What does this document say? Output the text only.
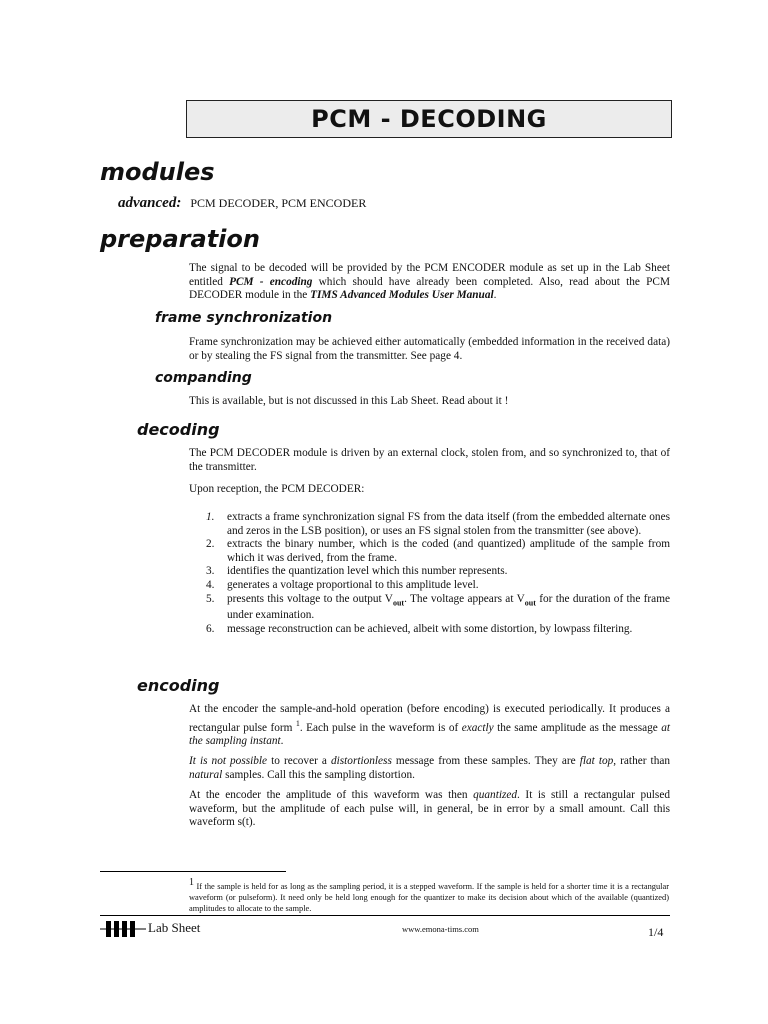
PCM - DECODING
modules
advanced: PCM DECODER, PCM ENCODER
preparation
The signal to be decoded will be provided by the PCM ENCODER module as set up in the Lab Sheet entitled PCM - encoding which should have already been completed. Also, read about the PCM DECODER module in the TIMS Advanced Modules User Manual.
frame synchronization
Frame synchronization may be achieved either automatically (embedded information in the received data) or by stealing the FS signal from the transmitter. See page 4.
companding
This is available, but is not discussed in this Lab Sheet. Read about it !
decoding
The PCM DECODER module is driven by an external clock, stolen from, and so synchronized to, that of the transmitter.
Upon reception, the PCM DECODER:
1. extracts a frame synchronization signal FS from the data itself (from the embedded alternate ones and zeros in the LSB position), or uses an FS signal stolen from the transmitter (see above).
2. extracts the binary number, which is the coded (and quantized) amplitude of the sample from which it was derived, from the frame.
3. identifies the quantization level which this number represents.
4. generates a voltage proportional to this amplitude level.
5. presents this voltage to the output $V_{out}$. The voltage appears at $V_{out}$ for the duration of the frame under examination.
6. message reconstruction can be achieved, albeit with some distortion, by lowpass filtering.
encoding
At the encoder the sample-and-hold operation (before encoding) is executed periodically. It produces a rectangular pulse form $^1$. Each pulse in the waveform is of exactly the same amplitude as the message at the sampling instant.
It is not possible to recover a distortionless message from these samples. They are flat top, rather than natural samples. Call this the sampling distortion.
At the encoder the amplitude of this waveform was then quantized. It is still a rectangular pulsed waveform, but the amplitude of each pulse will, in general, be in error by a small amount. Call this waveform s(t).
$^1$ If the sample is held for as long as the sampling period, it is a stepped waveform. If the sample is held for a shorter time it is a rectangular waveform (or pulseform). It need only be held long enough for the quantizer to make its decision about which of the available (quantized) amplitudes to allocate to the sample.
Lab Sheet	www.emona-tims.com	1/4
